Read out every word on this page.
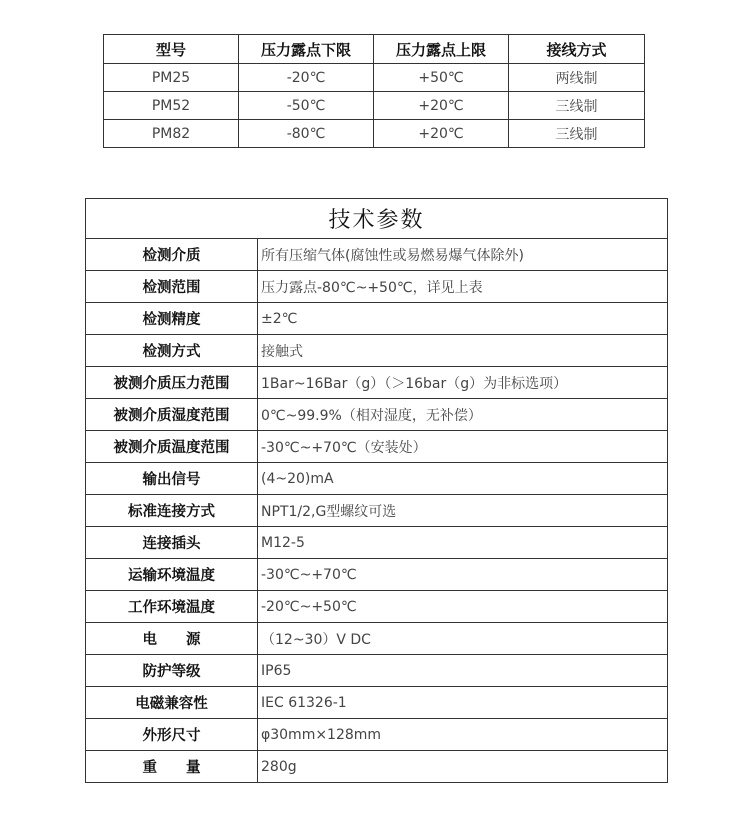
型号	压力露点下限	压力露点上限	接线方式
PM25	-20℃	+50℃	两线制
PM52	-50℃	+20℃	三线制
PM82	-80℃	+20℃	三线制
技术参数	
检测介质	所有压缩气体(腐蚀性或易燃易爆气体除外)
检测范围	压力露点-80℃~+50℃，详见上表
检测精度	±2℃
检测方式	接触式
被测介质压力范围	1Bar~16Bar（g）（＞16bar（g）为非标选项）
被测介质湿度范围	0℃~99.9%（相对湿度，无补偿）
被测介质温度范围	-30℃~+70℃（安装处）
输出信号	(4~20)mA
标准连接方式	NPT1/2,G型螺纹可选
连接插头	M12-5
运输环境温度	-30℃~+70℃
工作环境温度	-20℃~+50℃
电　　源	（12~30）V DC
防护等级	IP65
电磁兼容性	IEC 61326-1
外形尺寸	φ30mm×128mm
重　　量	280g
